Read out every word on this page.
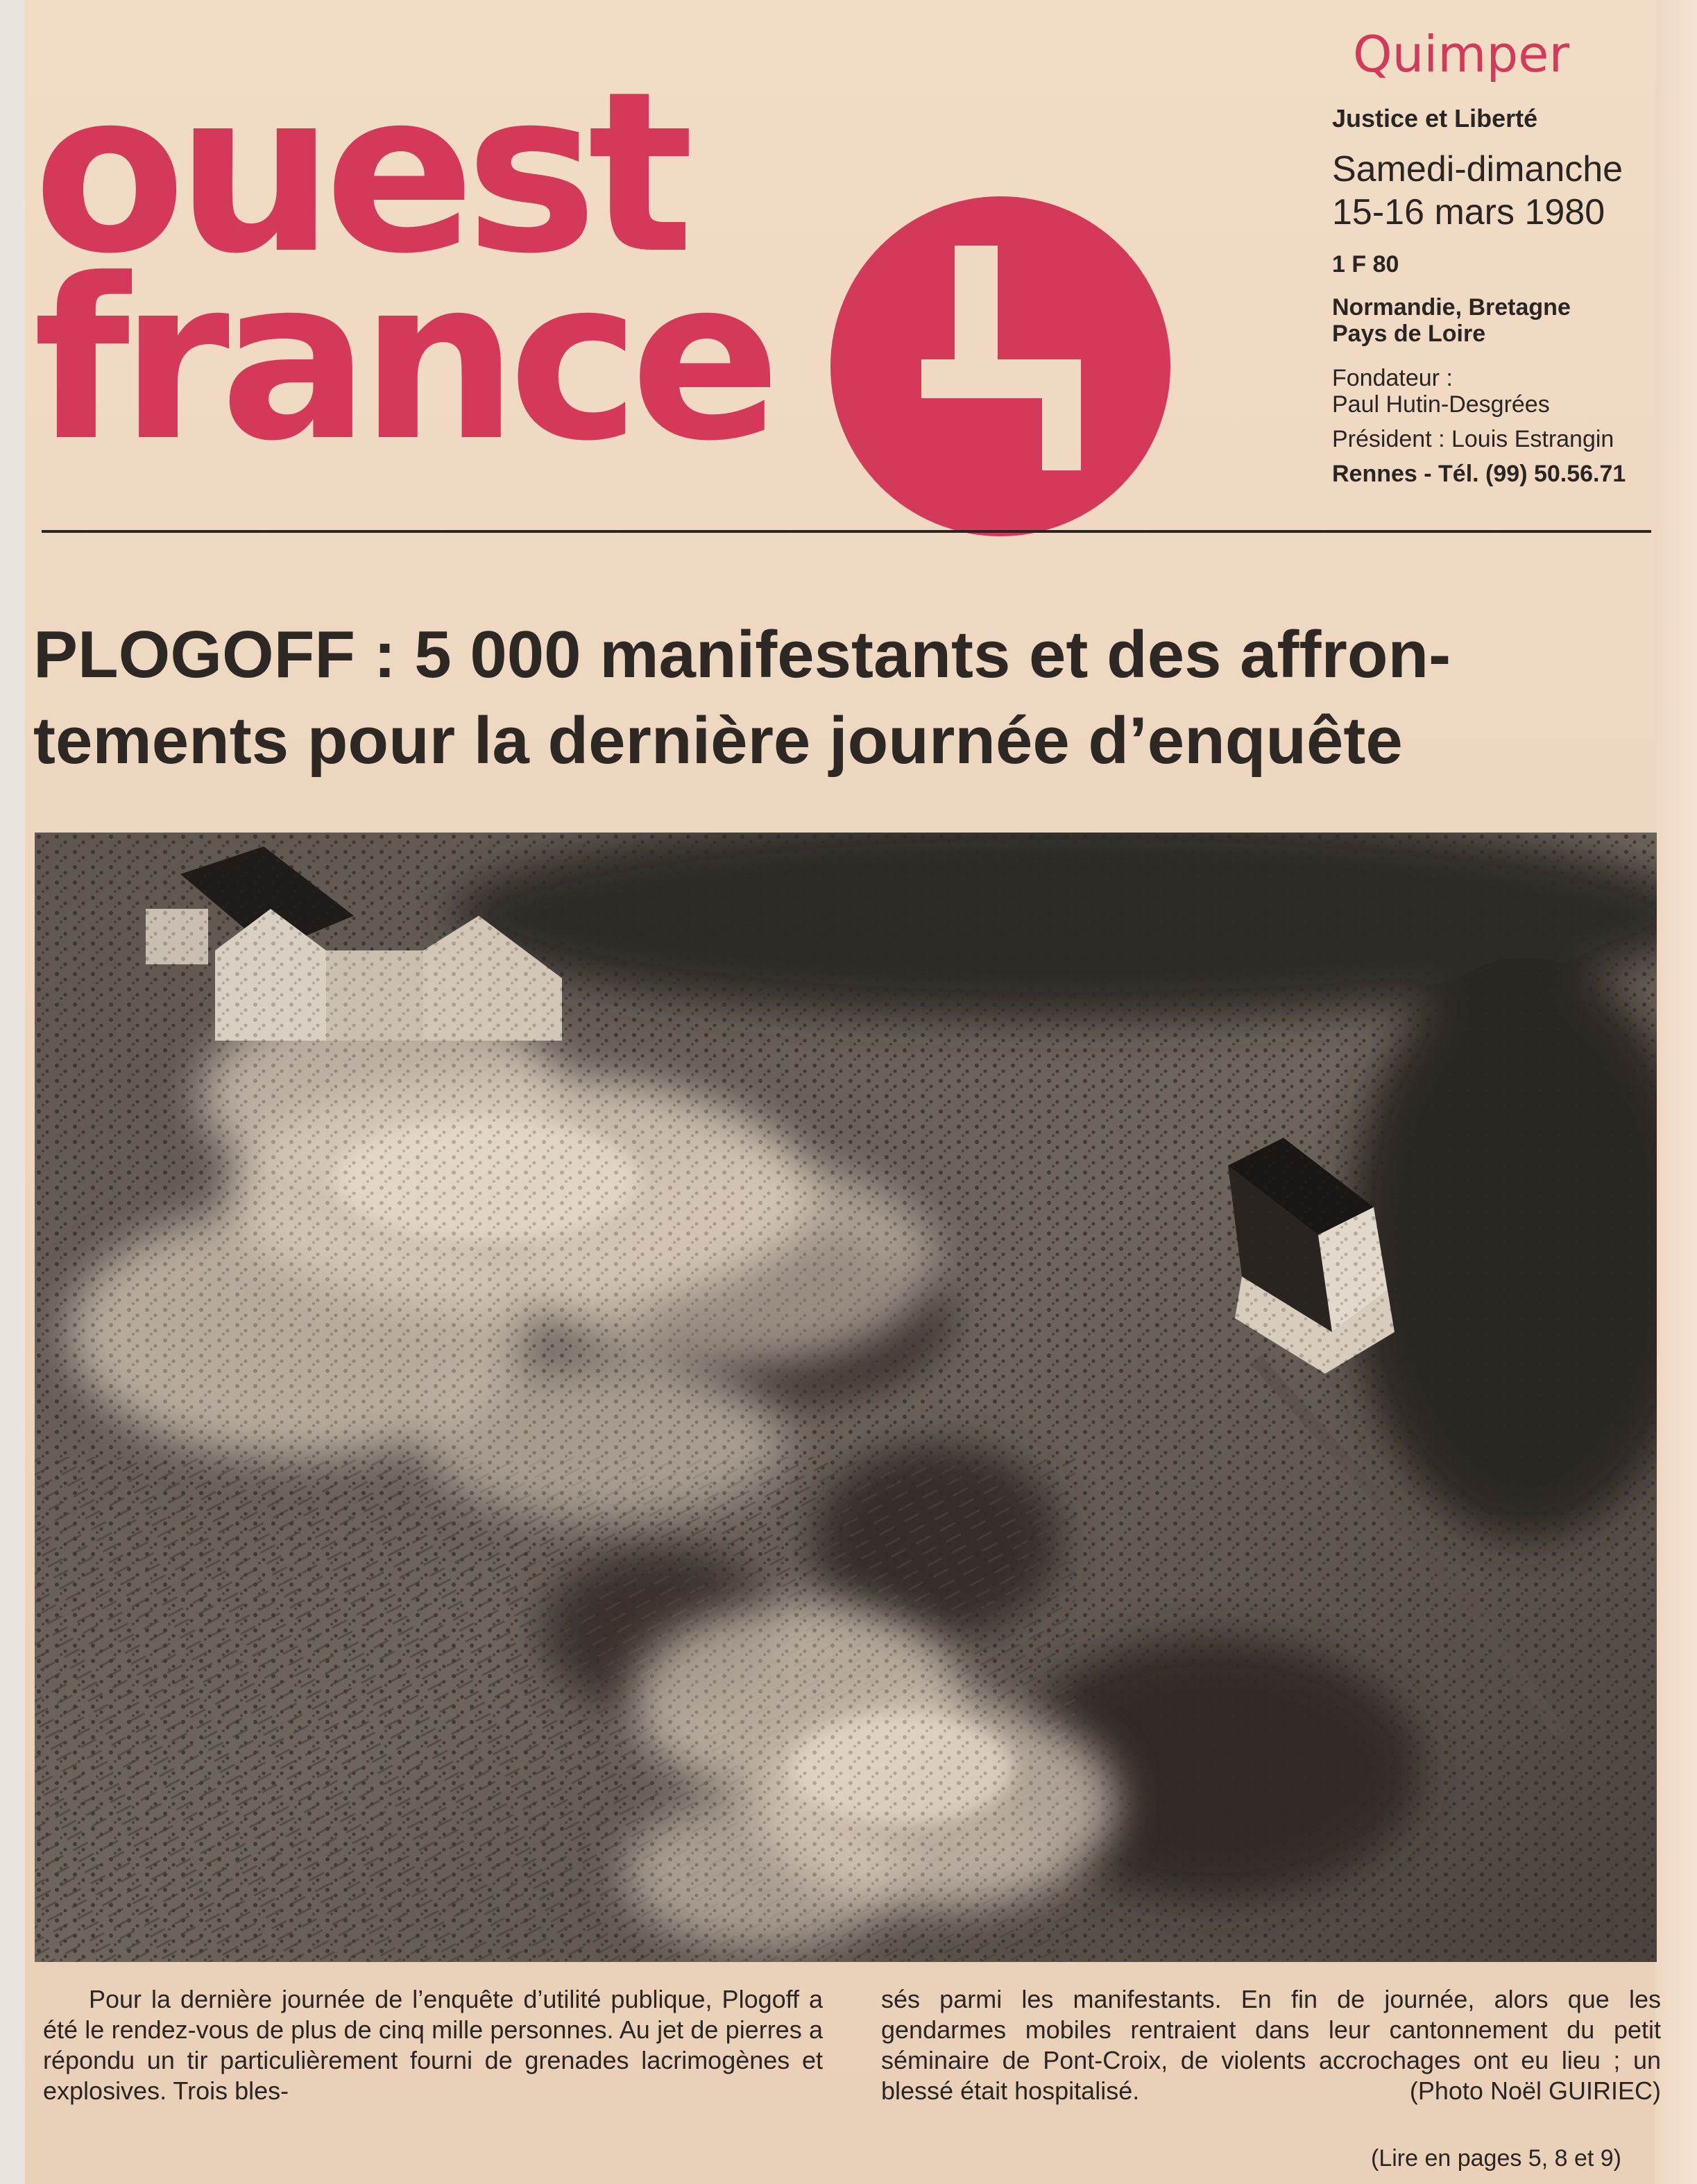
ouest
france
Quimper
Justice et Liberté
Samedi-dimanche
15-16 mars 1980
1 F 80
Normandie, Bretagne
Pays de Loire
Fondateur :
Paul Hutin-Desgrées
Président : Louis Estrangin
Rennes - Tél. (99) 50.56.71
PLOGOFF : 5 000 manifestants et des affron-
tements pour la dernière journée d’enquête
Pour la dernière journée de l’enquête d’utilité publique, Plogoff a été le rendez-vous de plus de cinq mille personnes. Au jet de pierres a répondu un tir particulièrement fourni de grenades lacrimogènes et explosives. Trois bles-
sés parmi les manifestants. En fin de journée, alors que les gendarmes mobiles rentraient dans leur cantonnement du petit séminaire de Pont-Croix, de violents accrochages ont eu lieu ; un blessé était hospitalisé.	(Photo Noël GUIRIEC)
(Lire en pages 5, 8 et 9)
